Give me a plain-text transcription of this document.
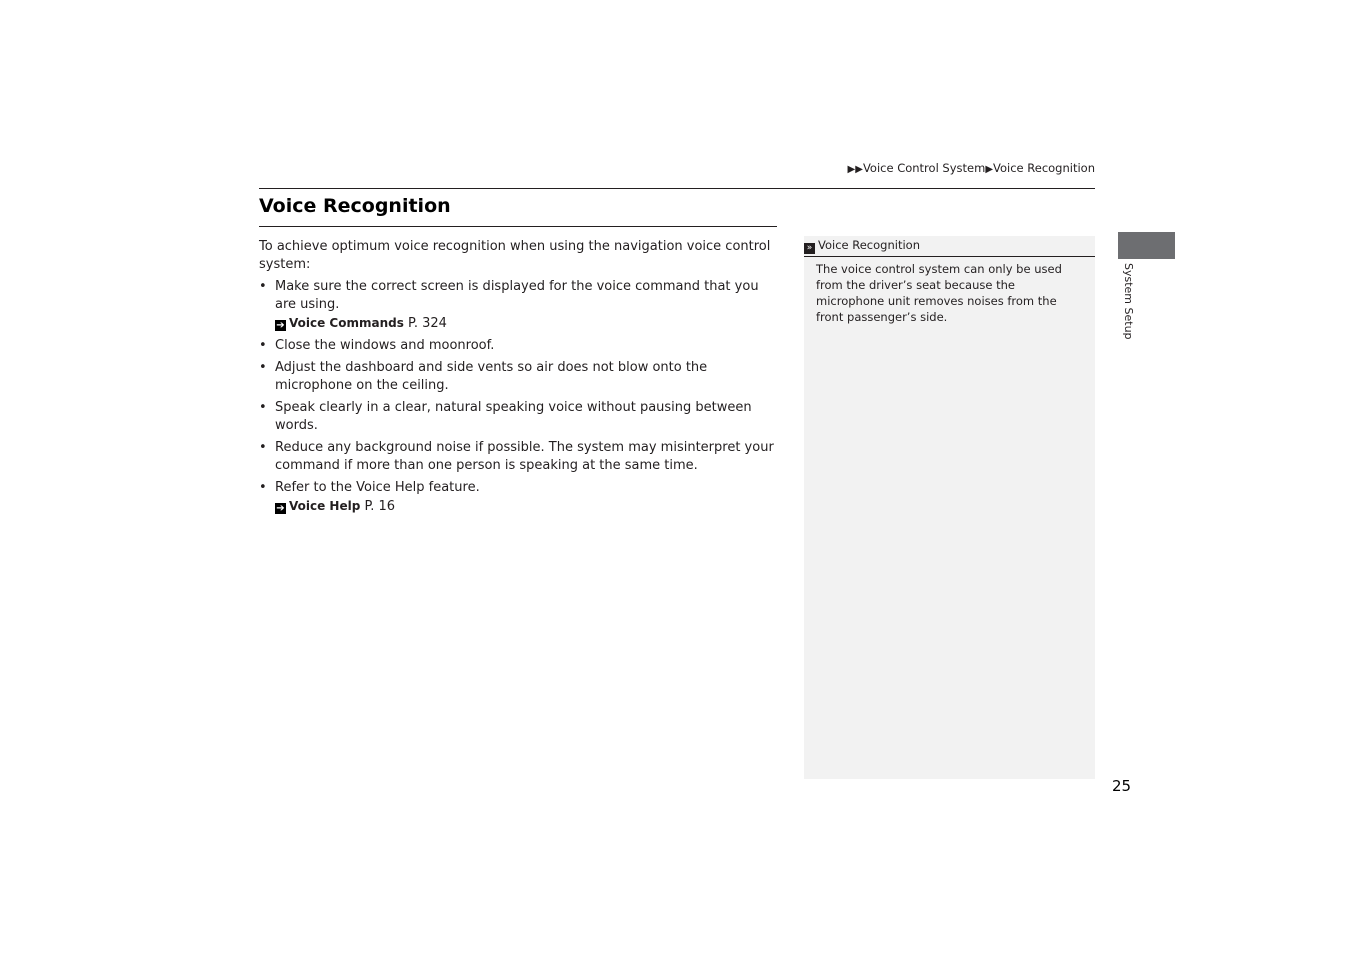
▶▶Voice Control System▶Voice Recognition
Voice Recognition

To achieve optimum voice recognition when using the navigation voice control system:

• Make sure the correct screen is displayed for the voice command that you are using.
➔ Voice Commands P. 324
• Close the windows and moonroof.
• Adjust the dashboard and side vents so air does not blow onto the microphone on the ceiling.
• Speak clearly in a clear, natural speaking voice without pausing between words.
• Reduce any background noise if possible. The system may misinterpret your command if more than one person is speaking at the same time.
• Refer to the Voice Help feature.
➔ Voice Help P. 16
» Voice Recognition

The voice control system can only be used from the driver’s seat because the microphone unit removes noises from the front passenger’s side.	System Setup
25
